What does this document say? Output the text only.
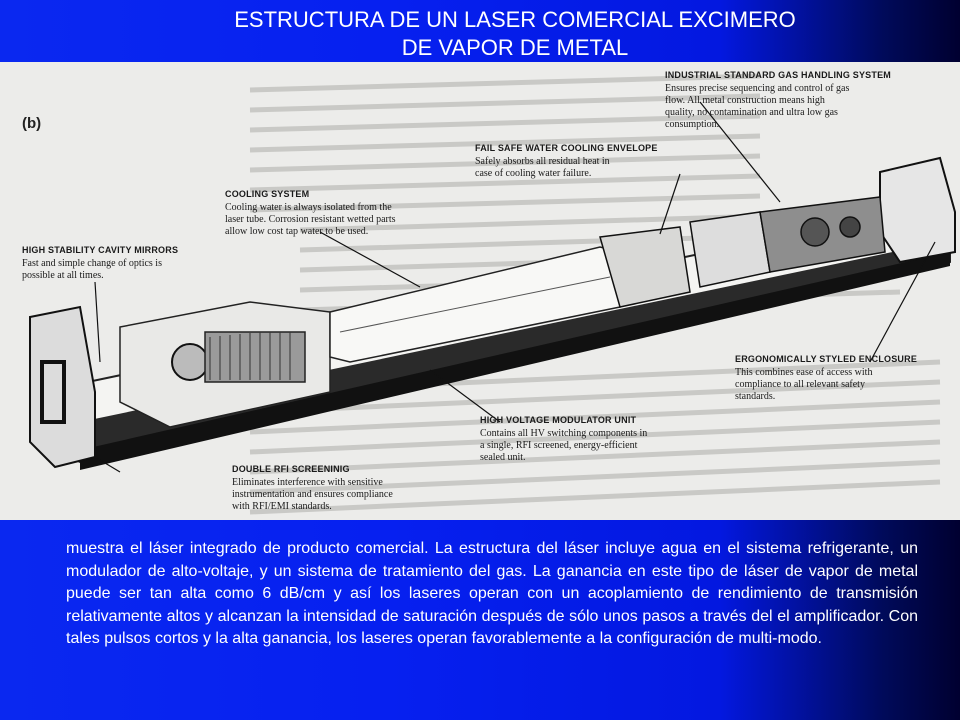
ESTRUCTURA DE UN LASER COMERCIAL EXCIMERO
DE VAPOR DE METAL
(b)
INDUSTRIAL STANDARD GAS HANDLING SYSTEM
Ensures precise sequencing and control of gas
flow. All metal construction means high
quality, no contamination and ultra low gas
consumption.
FAIL SAFE WATER COOLING ENVELOPE
Safely absorbs all residual heat in
case of cooling water failure.
COOLING SYSTEM
Cooling water is always isolated from the
laser tube. Corrosion resistant wetted parts
allow low cost tap water to be used.
HIGH STABILITY CAVITY MIRRORS
Fast and simple change of optics is
possible at all times.
ERGONOMICALLY STYLED ENCLOSURE
This combines ease of access with
compliance to all relevant safety
standards.
HIGH VOLTAGE MODULATOR UNIT
Contains all HV switching components in
a single, RFI screened, energy-efficient
sealed unit.
DOUBLE RFI SCREENINIG
Eliminates interference with sensitive
instrumentation and ensures compliance
with RFI/EMI standards.
muestra el láser integrado de producto comercial. La estructura del láser incluye agua en el sistema refrigerante, un modulador de alto-voltaje, y un sistema de tratamiento del gas. La ganancia en este tipo de láser de vapor de metal puede ser tan alta como 6 dB/cm y así los laseres operan con un acoplamiento de rendimiento de transmisión relativamente altos y alcanzan la intensidad de saturación después de sólo unos pasos a través del el amplificador. Con tales pulsos cortos y la alta ganancia, los laseres operan favorablemente a la configuración de multi-modo.
